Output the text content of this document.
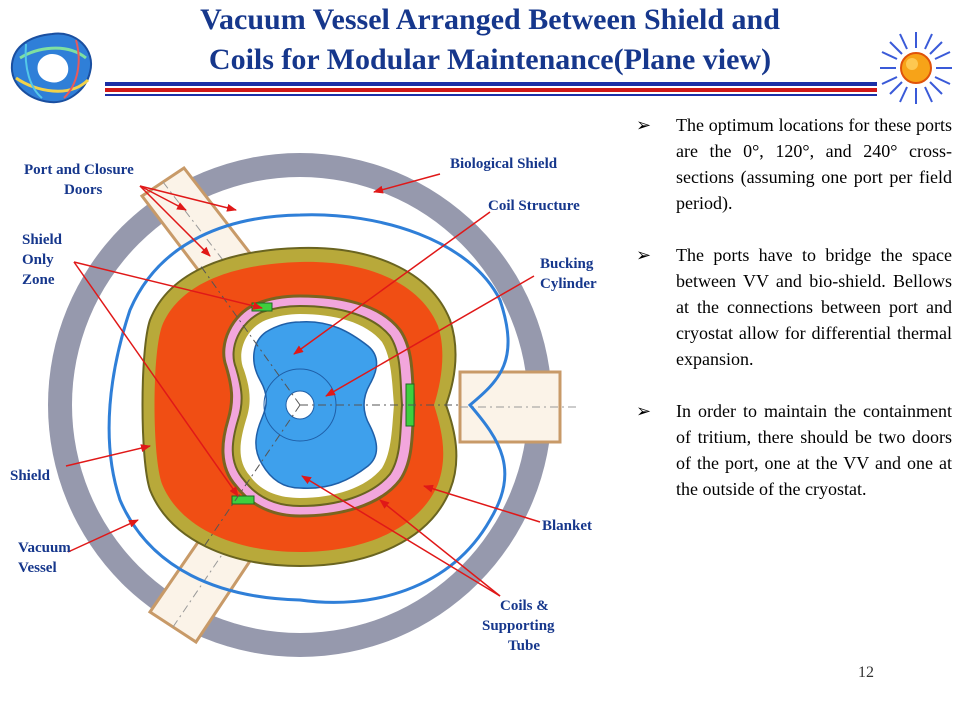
Vacuum Vessel Arranged Between Shield and
Coils for Modular Maintenance(Plane view)
Port and Closure
Doors
Biological Shield
Coil Structure
Shield
Only
Zone
Bucking
Cylinder
Shield
Blanket
Vacuum
Vessel
Coils &
Supporting
Tube
➢ The optimum locations for these ports are the 0°, 120°, and 240° cross-sections (assuming one port per field period).
➢ The ports have to bridge the space between VV and bio-shield. Bellows at the connections between port and cryostat allow for differential thermal expansion.
➢ In order to maintain the containment of tritium, there should be two doors of the port, one at the VV and one at the outside of the cryostat.
12
